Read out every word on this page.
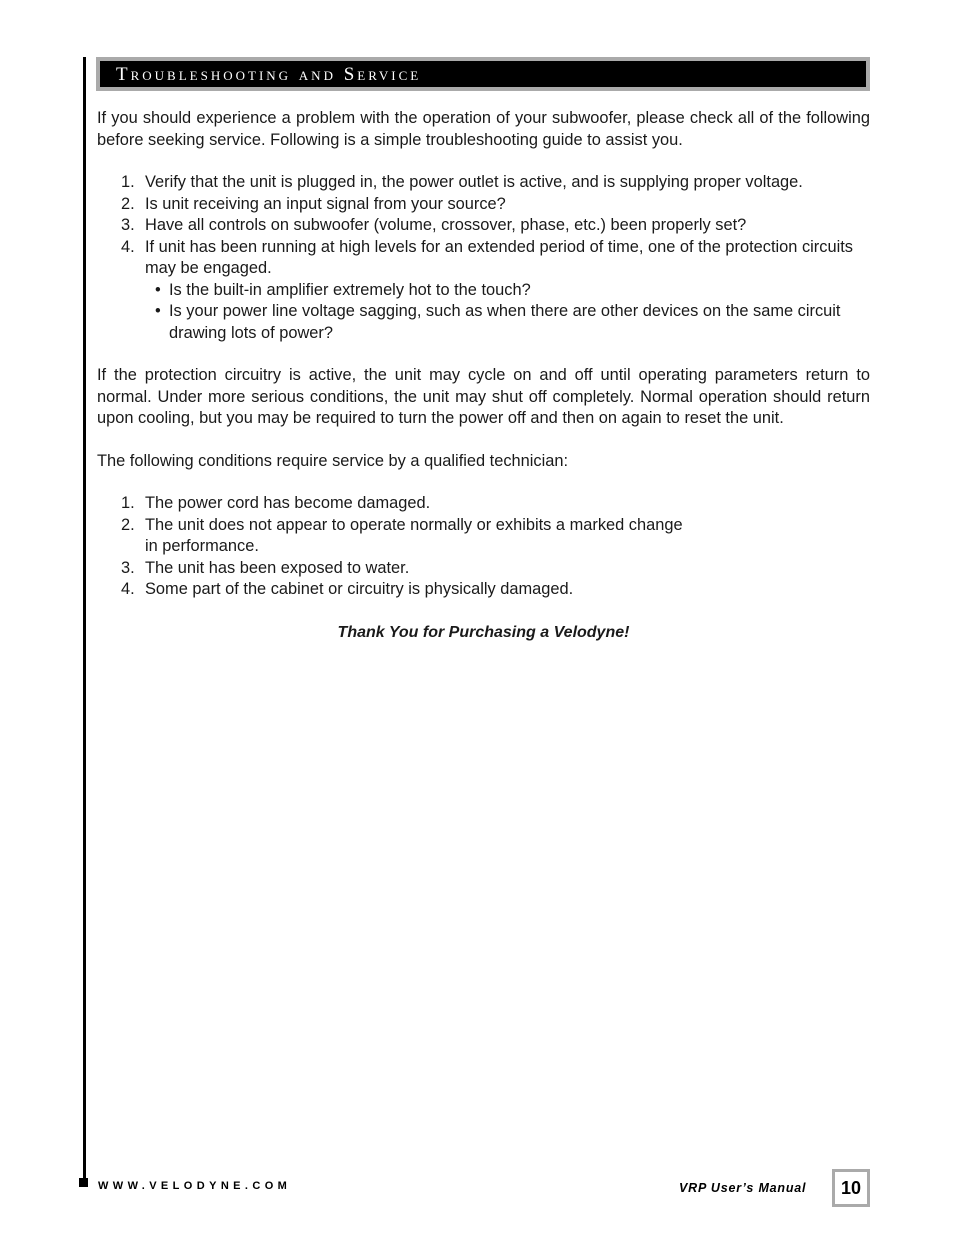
Troubleshooting and Service

If you should experience a problem with the operation of your subwoofer, please check all of the following before seeking service. Following is a simple troubleshooting guide to assist you.

1. Verify that the unit is plugged in, the power outlet is active, and is supplying proper voltage.
2. Is unit receiving an input signal from your source?
3. Have all controls on subwoofer (volume, crossover, phase, etc.) been properly set?
4. If unit has been running at high levels for an extended period of time, one of the protection circuits may be engaged.
• Is the built-in amplifier extremely hot to the touch?
• Is your power line voltage sagging, such as when there are other devices on the same circuit drawing lots of power?

If the protection circuitry is active, the unit may cycle on and off until operating parameters return to normal. Under more serious conditions, the unit may shut off completely. Normal operation should return upon cooling, but you may be required to turn the power off and then on again to reset the unit.

The following conditions require service by a qualified technician:

1. The power cord has become damaged.
2. The unit does not appear to operate normally or exhibits a marked change in performance.
3. The unit has been exposed to water.
4. Some part of the cabinet or circuitry is physically damaged.

Thank You for Purchasing a Velodyne!

WWW.VELODYNE.COM	VRP User’s Manual	10
